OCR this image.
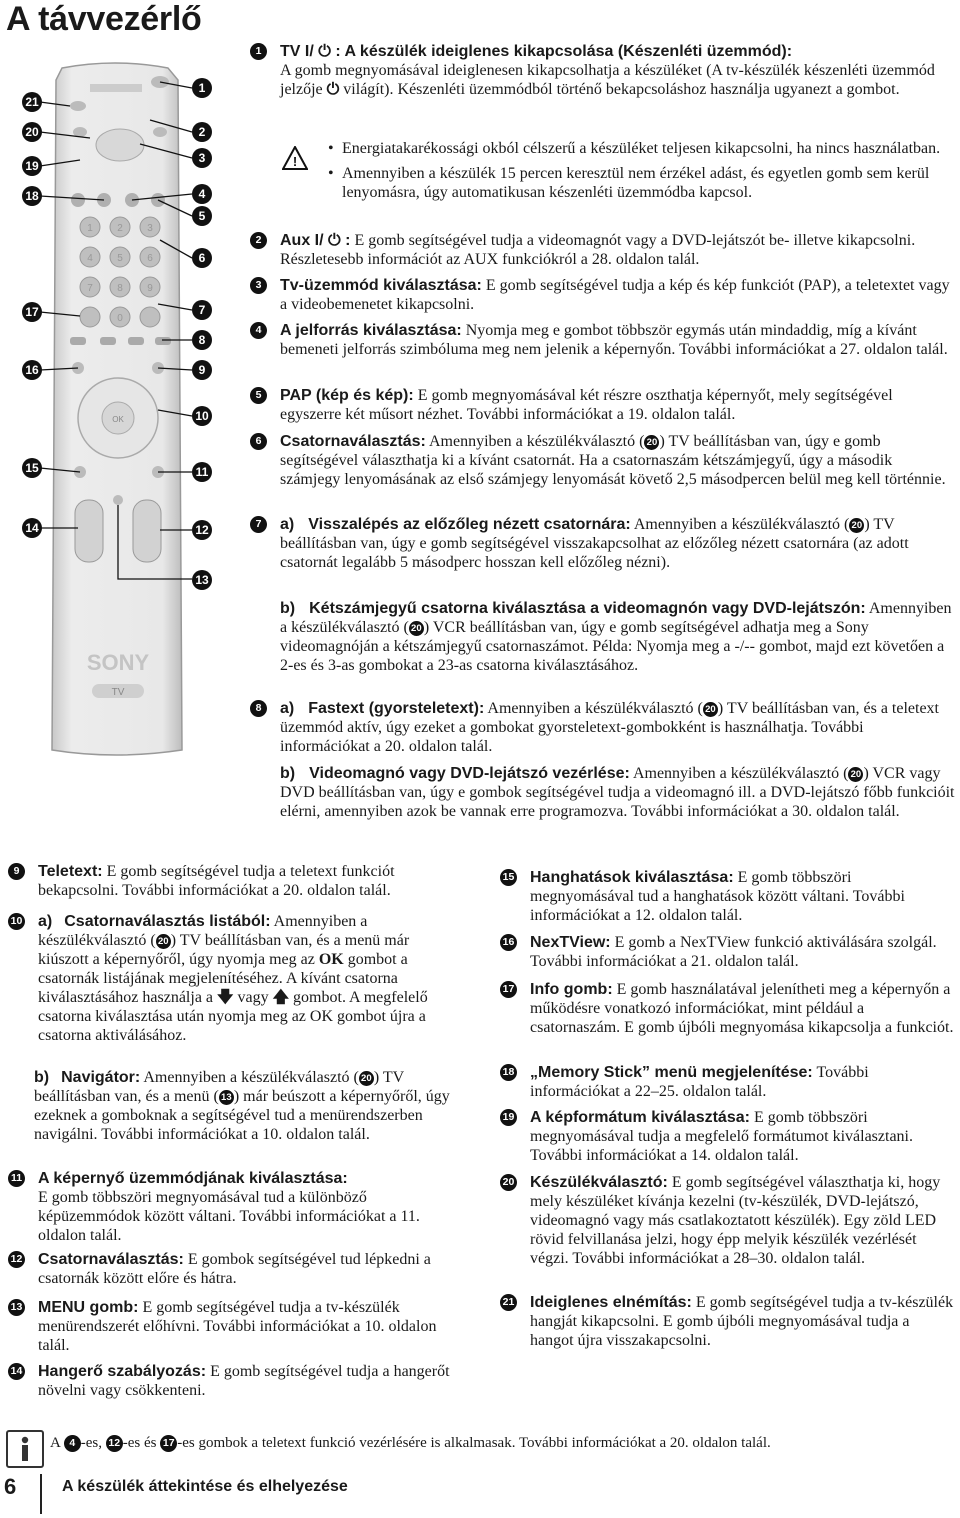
A távvezérlő
1 2 3
4 5 6
7 8 9
0
OK
SONY
TV
21
20
19
18
17
16
15
14
1
2
3
4
5
6
7
8
9
10
11
12
13
1	TV I/ ⏻ : A készülék ideiglenes kikapcsolása (Készenléti üzemmód):
A gomb megnyomásával ideiglenesen kikapcsolhatja a készüléket (A tv-készülék készenléti üzemmód jelzője ⏻ világít). Készenléti üzemmódból történő bekapcsoláshoz használja ugyanezt a gombot.
!
• Energiatakarékossági okból célszerű a készüléket teljesen kikapcsolni, ha nincs használatban.
• Amennyiben a készülék 15 percen keresztül nem érzékel adást, és egyetlen gomb sem kerül lenyomásra, úgy automatikusan készenléti üzemmódba kapcsol.
2	Aux I/ ⏻ : E gomb segítségével tudja a videomagnót vagy a DVD-lejátszót be- illetve kikapcsolni. Részletesebb információt az AUX funkciókról a 28. oldalon talál.
3	Tv-üzemmód kiválasztása: E gomb segítségével tudja a kép és kép funkciót (PAP), a teletextet vagy a videobemenetet kikapcsolni.
4	A jelforrás kiválasztása: Nyomja meg e gombot többször egymás után mindaddig, míg a kívánt bemeneti jelforrás szimbóluma meg nem jelenik a képernyőn. További információkat a 27. oldalon talál.
5	PAP (kép és kép): E gomb megnyomásával két részre oszthatja képernyőt, mely segítségével egyszerre két műsort nézhet. További információkat a 19. oldalon talál.
6	Csatornaválasztás: Amennyiben a készülékválasztó ( 20 ) TV beállításban van, úgy e gomb segítségével választhatja ki a kívánt csatornát. Ha a csatornaszám kétszámjegyű, úgy a második számjegy lenyomásának az első számjegy lenyomását követő 2,5 másodpercen belül meg kell történnie.
7	a) Visszalépés az előzőleg nézett csatornára: Amennyiben a készülékválasztó ( 20 ) TV beállításban van, úgy e gomb segítségével visszakapcsolhat az előzőleg nézett csatornára (az adott csatornát legalább 5 másodperc hosszan kell előzőleg nézni).
b) Kétszámjegyű csatorna kiválasztása a videomagnón vagy DVD-lejátszón: Amennyiben a készülékválasztó ( 20 ) VCR beállításban van, úgy e gomb segítségével adhatja meg a Sony videomagnóján a kétszámjegyű csatornaszámot. Példa: Nyomja meg a -/-- gombot, majd ezt követően a 2-es és 3-as gombokat a 23-as csatorna kiválasztásához.
8	a) Fastext (gyorsteletext): Amennyiben a készülékválasztó ( 20 ) TV beállításban van, és a teletext üzemmód aktív, úgy ezeket a gombokat gyorsteletext-gombokként is használhatja. További információkat a 20. oldalon talál.
b) Videomagnó vagy DVD-lejátszó vezérlése: Amennyiben a készülékválasztó ( 20 ) VCR vagy DVD beállításban van, úgy e gombok segítségével tudja a videomagnó ill. a DVD-lejátszó főbb funkcióit elérni, amennyiben azok be vannak erre programozva. További információkat a 30. oldalon talál.
9	Teletext: E gomb segítségével tudja a teletext funkciót bekapcsolni. További információkat a 20. oldalon talál.
10 a) Csatornaválasztás listából: Amennyiben a készülékválasztó ( 20 ) TV beállításban van, és a menü már kiúszott a képernyőről, úgy nyomja meg az OK gombot a csatornák listájának megjelenítéséhez. A kívánt csatorna kiválasztásához használja a 🡇 vagy 🡅 gombot. A megfelelő csatorna kiválasztása után nyomja meg az OK gombot újra a csatorna aktiválásához.
b) Navigátor: Amennyiben a készülékválasztó ( 20 ) TV beállításban van, és a menü ( 13 ) már beúszott a képernyőről, úgy ezeknek a gomboknak a segítségével tud a menürendszerben navigálni. További információkat a 10. oldalon talál.
11 A képernyő üzemmódjának kiválasztása:
E gomb többszöri megnyomásával tud a különböző képüzemmódok között váltani. További információkat a 11. oldalon talál.
12 Csatornaválasztás: E gombok segítségével tud lépkedni a csatornák között előre és hátra.
13 MENU gomb: E gomb segítségével tudja a tv-készülék menürendszerét előhívni. További információkat a 10. oldalon talál.
14 Hangerő szabályozás: E gomb segítségével tudja a hangerőt növelni vagy csökkenteni.
15 Hanghatások kiválasztása: E gomb többszöri megnyomásával tud a hanghatások között váltani. További információkat a 12. oldalon talál.
16 NexTView: E gomb a NexTView funkció aktiválására szolgál. További információkat a 21. oldalon talál.
17 Info gomb: E gomb használatával jelenítheti meg a képernyőn a működésre vonatkozó információkat, mint például a csatornaszám. E gomb újbóli megnyomása kikapcsolja a funkciót.
18 „Memory Stick” menü megjelenítése: További információkat a 22–25. oldalon talál.
19 A képformátum kiválasztása: E gomb többszöri megnyomásával tudja a megfelelő formátumot kiválasztani. További információkat a 14. oldalon talál.
20 Készülékválasztó: E gomb segítségével választhatja ki, hogy mely készüléket kívánja kezelni (tv-készülék, DVD-lejátszó, videomagnó vagy más csatlakoztatott készülék). Egy zöld LED rövid felvillanása jelzi, hogy épp melyik készülék vezérlését végzi. További információkat a 28–30. oldalon talál.
21 Ideiglenes elnémítás: E gomb segítségével tudja a tv-készülék hangját kikapcsolni. E gomb újbóli megnyomásával tudja a hangot újra visszakapcsolni.
A 4 -es, 12 -es és 17 -es gombok a teletext funkció vezérlésére is alkalmasak. További információkat a 20. oldalon talál.
6	A készülék áttekintése és elhelyezése
